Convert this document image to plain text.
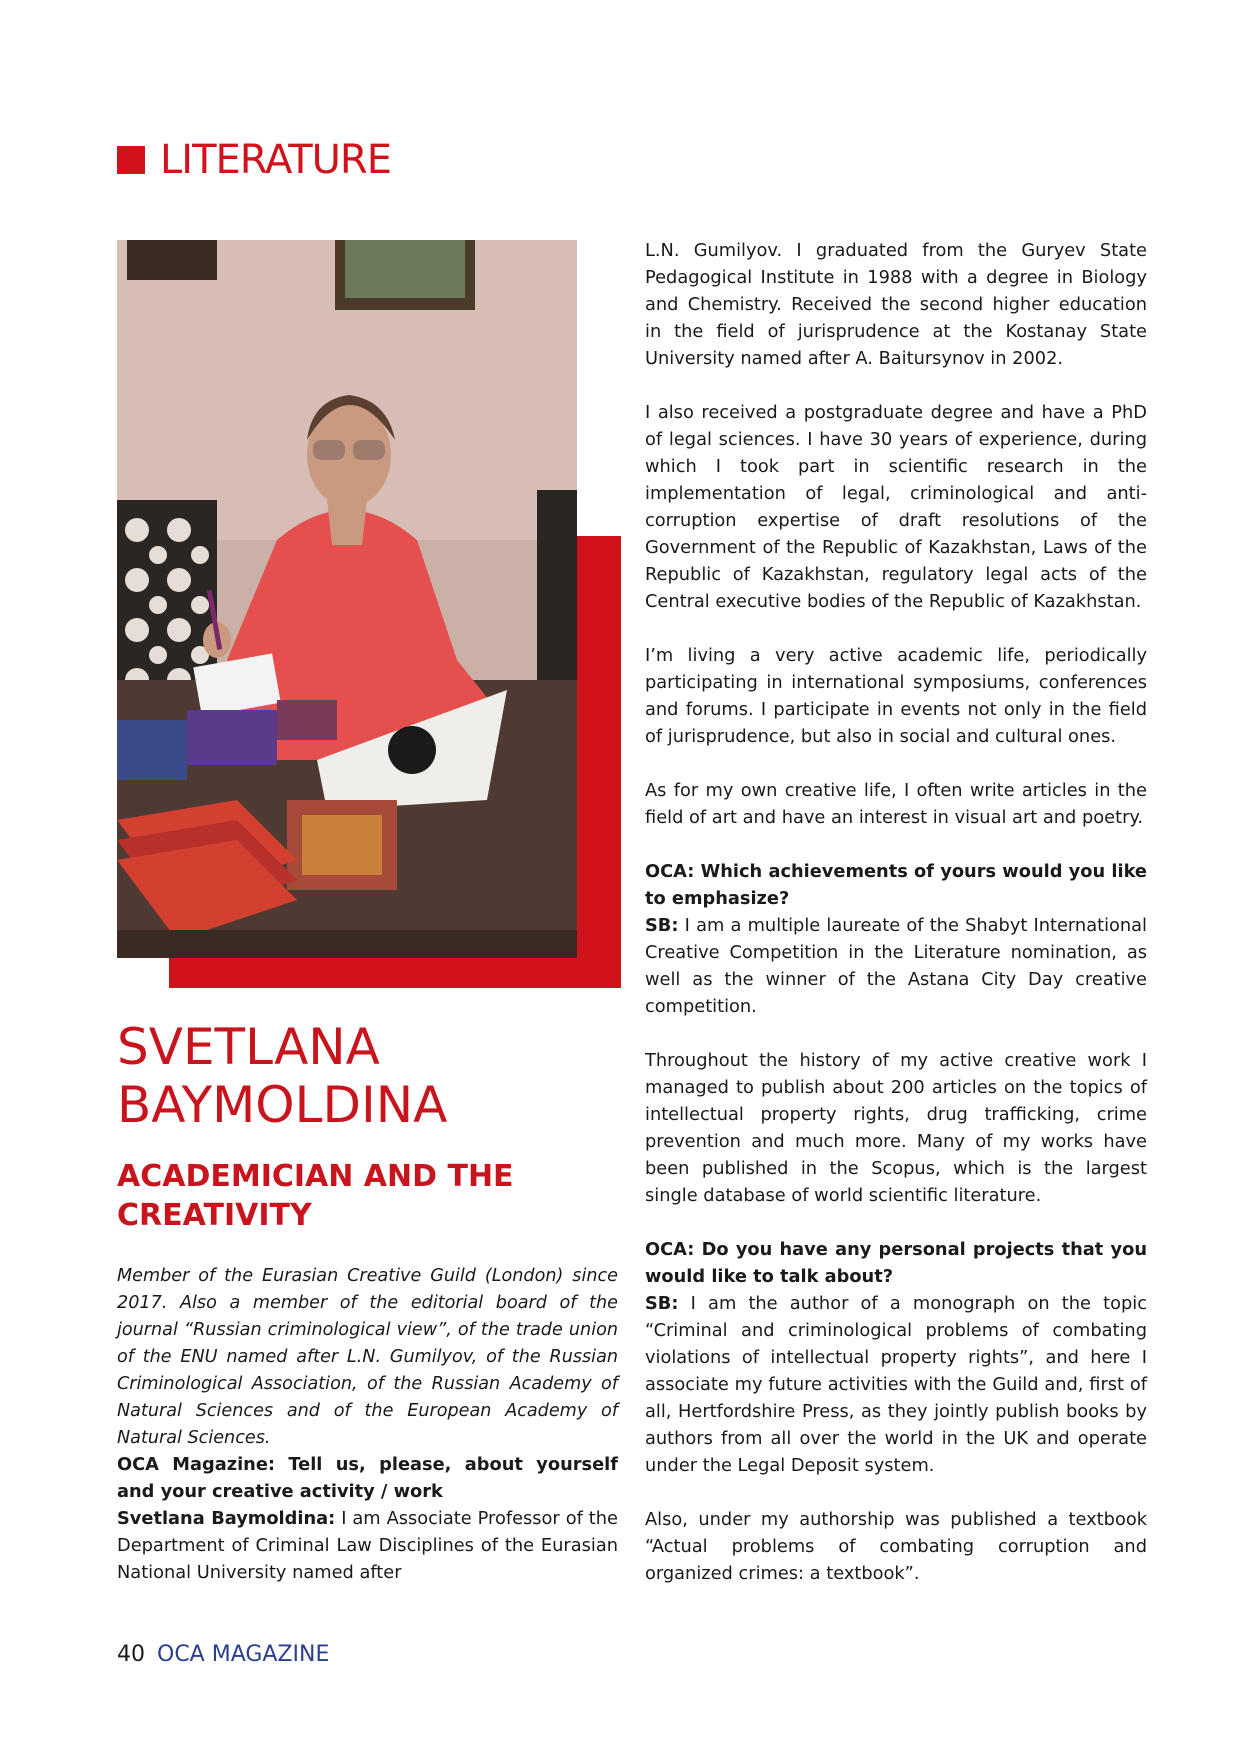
LITERATURE
SVETLANA
BAYMOLDINA
ACADEMICIAN AND THE CREATIVITY
Member of the Eurasian Creative Guild (London) since 2017. Also a member of the editorial board of the journal “Russian criminological view”, of the trade union of the ENU named after L.N. Gumilyov, of the Russian Criminological Association, of the Russian Academy of Natural Sciences and of the European Academy of Natural Sciences.

OCA Magazine: Tell us, please, about yourself and your creative activity / work
Svetlana Baymoldina: I am Associate Professor of the Department of Criminal Law Disciplines of the Eurasian National University named after

L.N. Gumilyov. I graduated from the Guryev State Pedagogical Institute in 1988 with a degree in Biology and Chemistry. Received the second higher education in the field of jurisprudence at the Kostanay State University named after A. Baitursynov in 2002.

I also received a postgraduate degree and have a PhD of legal sciences. I have 30 years of experience, during which I took part in scientific research in the implementation of legal, criminological and anti-corruption expertise of draft resolutions of the Government of the Republic of Kazakhstan, Laws of the Republic of Kazakhstan, regulatory legal acts of the Central executive bodies of the Republic of Kazakhstan.

I’m living a very active academic life, periodically participating in international symposiums, conferences and forums. I participate in events not only in the field of jurisprudence, but also in social and cultural ones.

As for my own creative life, I often write articles in the field of art and have an interest in visual art and poetry.

OCA: Which achievements of yours would you like to emphasize?
SB: I am a multiple laureate of the Shabyt International Creative Competition in the Literature nomination, as well as the winner of the Astana City Day creative competition.

Throughout the history of my active creative work I managed to publish about 200 articles on the topics of intellectual property rights, drug trafficking, crime prevention and much more. Many of my works have been published in the Scopus, which is the largest single database of world scientific literature.

OCA: Do you have any personal projects that you would like to talk about?
SB: I am the author of a monograph on the topic “Criminal and criminological problems of combating violations of intellectual property rights”, and here I associate my future activities with the Guild and, first of all, Hertfordshire Press, as they jointly publish books by authors from all over the world in the UK and operate under the Legal Deposit system.

Also, under my authorship was published a textbook “Actual problems of combating corruption and organized crimes: a textbook”.

40 OCA MAGAZINE
